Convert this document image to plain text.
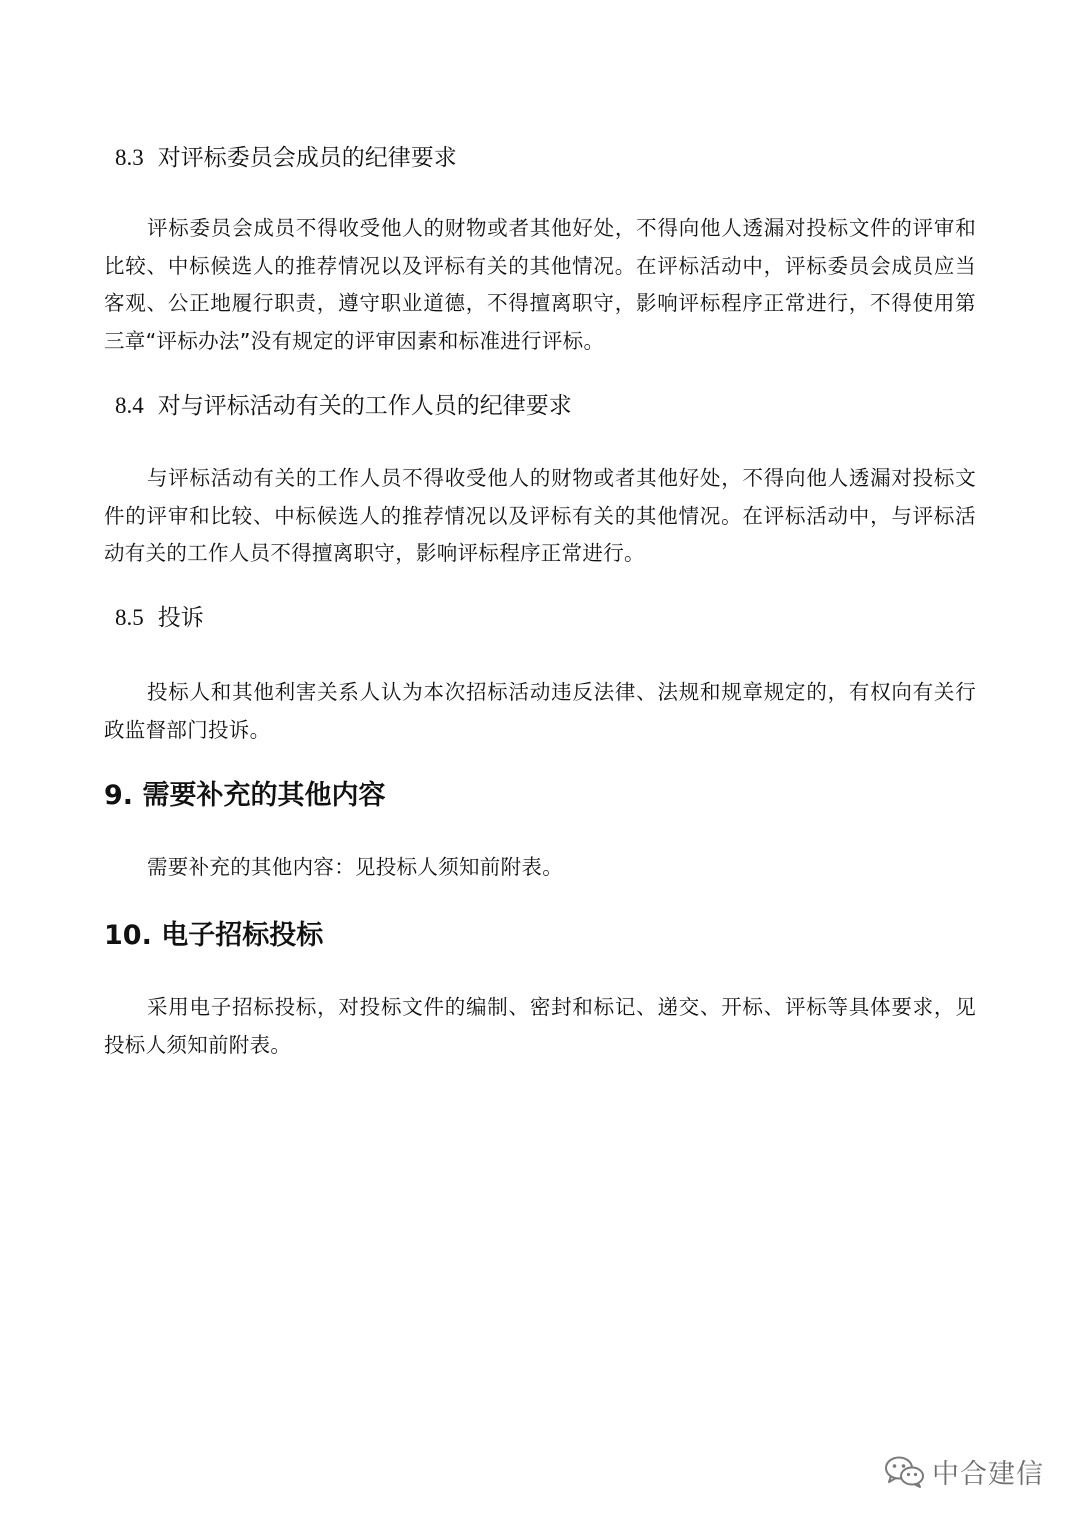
8.3 对评标委员会成员的纪律要求
评标委员会成员不得收受他人的财物或者其他好处，不得向他人透漏对投标文件的评审和比较、中标候选人的推荐情况以及评标有关的其他情况。在评标活动中，评标委员会成员应当客观、公正地履行职责，遵守职业道德，不得擅离职守，影响评标程序正常进行，不得使用第三章“评标办法”没有规定的评审因素和标准进行评标。
8.4 对与评标活动有关的工作人员的纪律要求
与评标活动有关的工作人员不得收受他人的财物或者其他好处，不得向他人透漏对投标文件的评审和比较、中标候选人的推荐情况以及评标有关的其他情况。在评标活动中，与评标活动有关的工作人员不得擅离职守，影响评标程序正常进行。
8.5 投诉
投标人和其他利害关系人认为本次招标活动违反法律、法规和规章规定的，有权向有关行政监督部门投诉。
9. 需要补充的其他内容
需要补充的其他内容：见投标人须知前附表。
10. 电子招标投标
采用电子招标投标，对投标文件的编制、密封和标记、递交、开标、评标等具体要求，见投标人须知前附表。
中合建信
